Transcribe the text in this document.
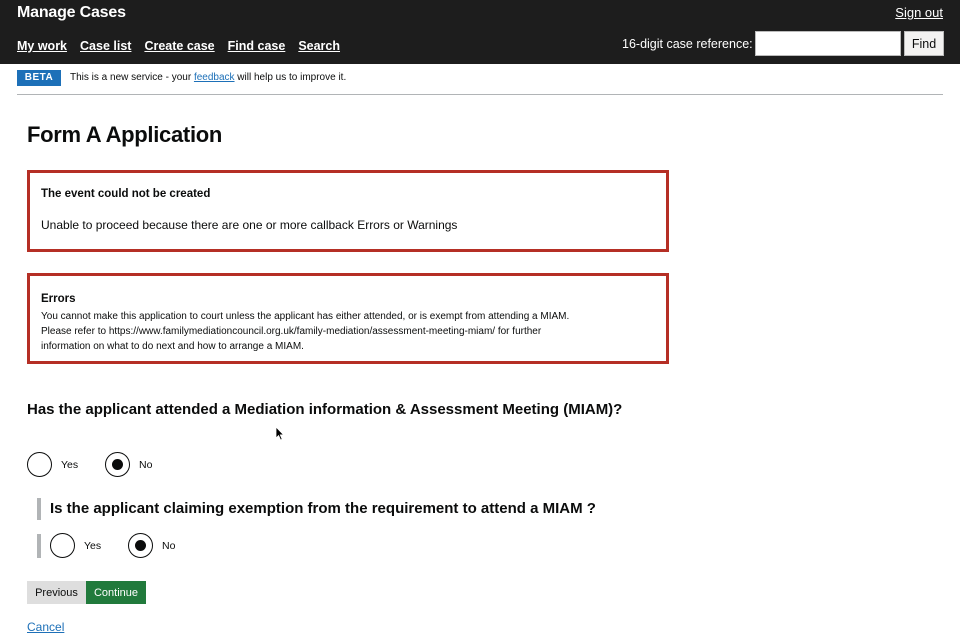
Manage Cases	Sign out
My work Case list Create case Find case Search	16-digit case reference:	Find
BETA	This is a new service - your feedback will help us to improve it.
Form A Application
The event could not be created
Unable to proceed because there are one or more callback Errors or Warnings
Errors
You cannot make this application to court unless the applicant has either attended, or is exempt from attending a MIAM.
Please refer to https://www.familymediationcouncil.org.uk/family-mediation/assessment-meeting-miam/ for further
information on what to do next and how to arrange a MIAM.
Has the applicant attended a Mediation information & Assessment Meeting (MIAM)?
Yes	No
Is the applicant claiming exemption from the requirement to attend a MIAM ?
Yes	No
Previous	Continue
Cancel
